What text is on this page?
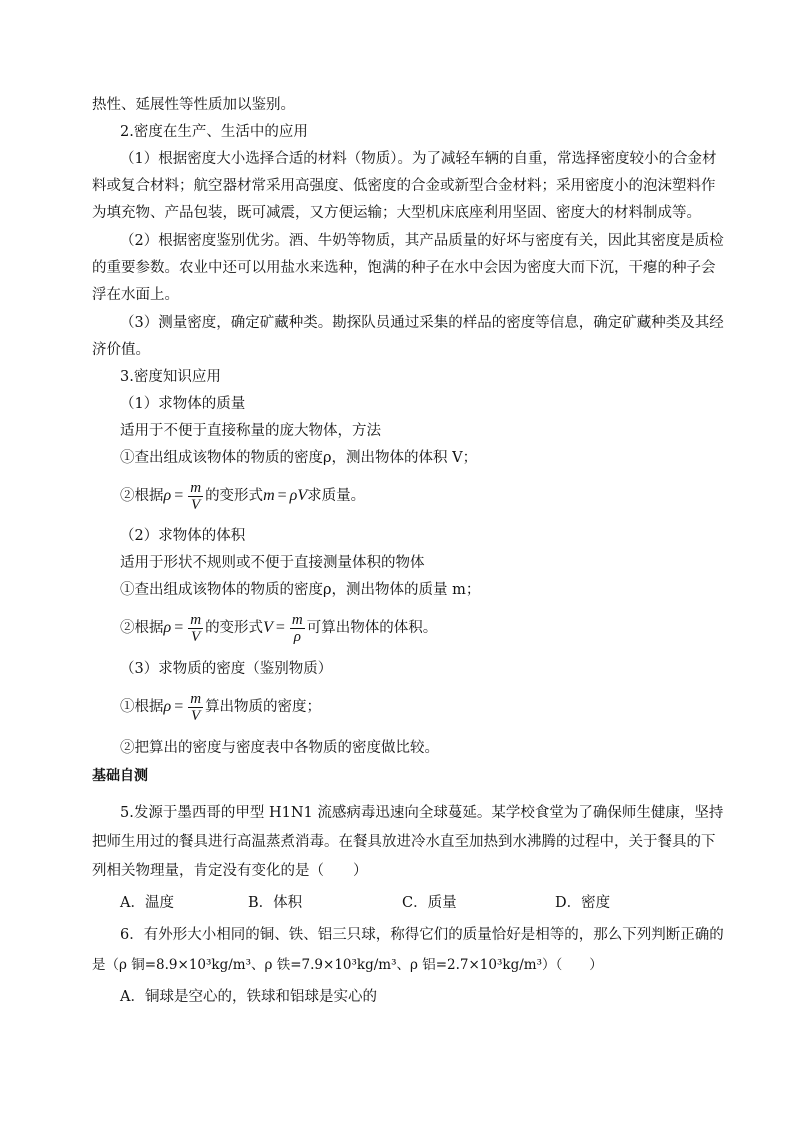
热性、延展性等性质加以鉴别。
2.密度在生产、生活中的应用
（1）根据密度大小选择合适的材料（物质）。为了减轻车辆的自重，常选择密度较小的合金材
料或复合材料；航空器材常采用高强度、低密度的合金或新型合金材料；采用密度小的泡沫塑料作
为填充物、产品包装，既可减震，又方便运输；大型机床底座利用坚固、密度大的材料制成等。
（2）根据密度鉴别优劣。酒、牛奶等物质，其产品质量的好坏与密度有关，因此其密度是质检
的重要参数。农业中还可以用盐水来选种，饱满的种子在水中会因为密度大而下沉，干瘪的种子会
浮在水面上。
（3）测量密度，确定矿藏种类。勘探队员通过采集的样品的密度等信息，确定矿藏种类及其经
济价值。
3.密度知识应用
（1）求物体的质量
适用于不便于直接称量的庞大物体，方法
①查出组成该物体的物质的密度ρ，测出物体的体积 V；
②根据$\rho = \frac{m}{V}$ 的变形式m = ρV求质量。
（2）求物体的体积
适用于形状不规则或不便于直接测量体积的物体
①查出组成该物体的物质的密度ρ，测出物体的质量 m；
②根据$\rho = \frac{m}{V}$ 的变形式$V = \frac{m}{\rho}$ 可算出物体的体积。
（3）求物质的密度（鉴别物质）
①根据$\rho = \frac{m}{V}$ 算出物质的密度；
②把算出的密度与密度表中各物质的密度做比较。
基础自测
5.发源于墨西哥的甲型 H1N1 流感病毒迅速向全球蔓延。某学校食堂为了确保师生健康，坚持
把师生用过的餐具进行高温蒸煮消毒。在餐具放进冷水直至加热到水沸腾的过程中，关于餐具的下
列相关物理量，肯定没有变化的是（　　）
A．温度	B．体积	C．质量	D．密度
6．有外形大小相同的铜、铁、铝三只球，称得它们的质量恰好是相等的，那么下列判断正确的
是（ρ 铜=8.9×10³kg/m³、ρ 铁=7.9×10³kg/m³、ρ 铝=2.7×10³kg/m³）（　　）
A．铜球是空心的，铁球和铝球是实心的
